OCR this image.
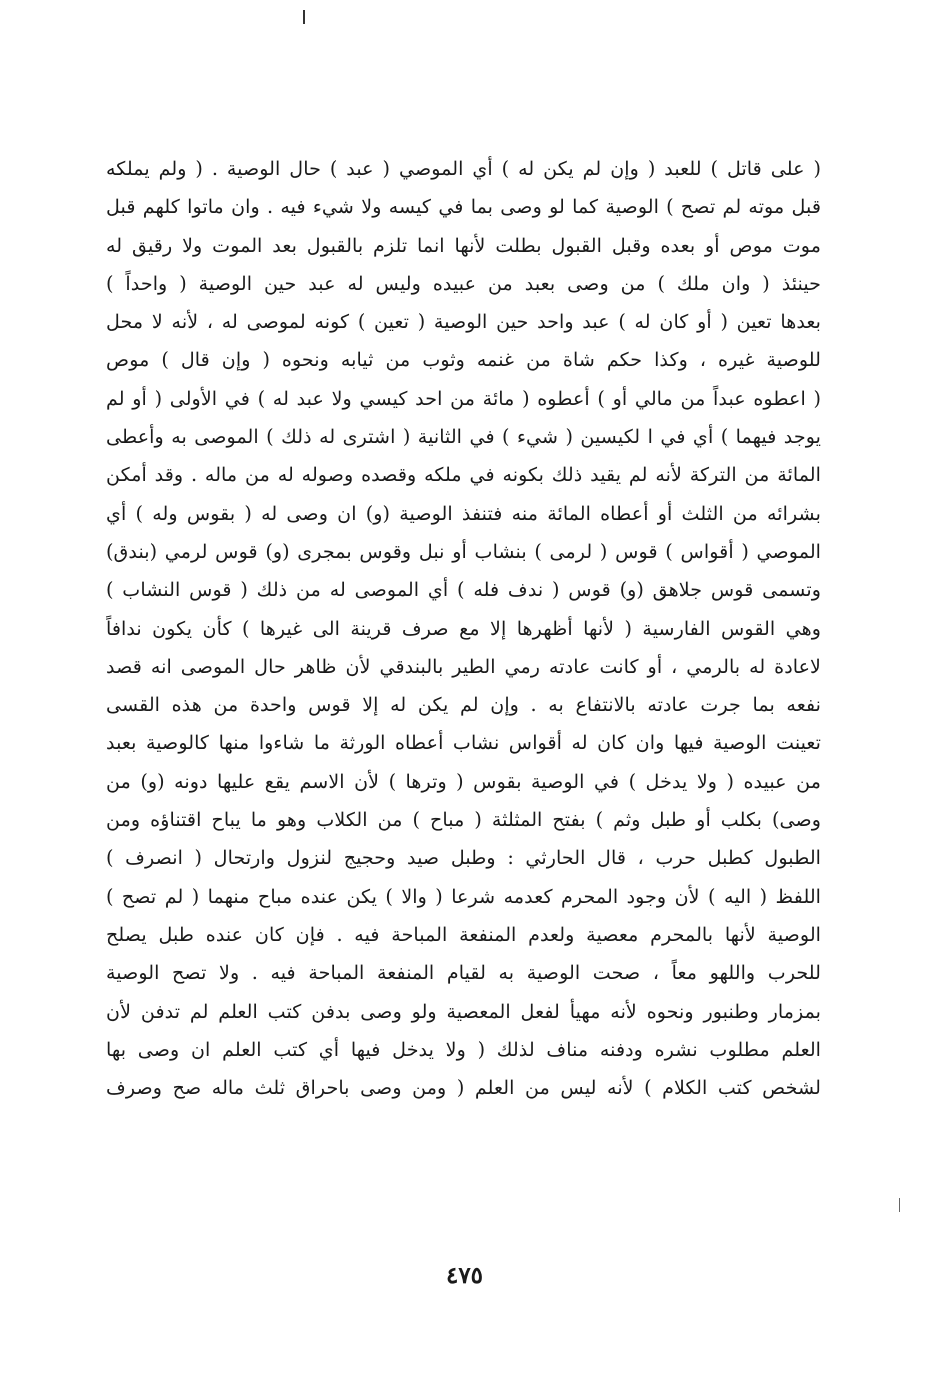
( على قاتل ) للعبد ( وإن لم يكن له ) أي الموصي ( عبد ) حال الوصية . ( ولم يملكه
قبل موته لم تصح ) الوصية كما لو وصى بما في كيسه ولا شيء فيه . وان ماتوا كلهم قبل
موت موص أو بعده وقبل القبول بطلت لأنها انما تلزم بالقبول بعد الموت ولا رقيق له
حينئذ ( وان ملك ) من وصى بعبد من عبيده وليس له عبد حين الوصية ( واحداً )
بعدها تعين ( أو كان له ) عبد واحد حين الوصية ( تعين ) كونه لموصى له ، لأنه لا محل
للوصية غيره ، وكذا حكم شاة من غنمه وثوب من ثيابه ونحوه ( وإن قال ) موص
( اعطوه عبداً من مالي أو ) أعطوه ( مائة من احد كيسي ولا عبد له ) في الأولى ( أو لم
يوجد فيهما ) أي في ا لكيسين ( شيء ) في الثانية ( اشترى له ذلك ) الموصى به وأعطى
المائة من التركة لأنه لم يقيد ذلك بكونه في ملكه وقصده وصوله له من ماله . وقد أمكن
بشرائه من الثلث أو أعطاه المائة منه فتنفذ الوصية (و) ان وصى له ( بقوس وله ) أي
الموصي ( أقواس ) قوس ( لرمى ) بنشاب أو نبل وقوس بمجرى (و) قوس لرمي (بندق)
وتسمى قوس جلاهق (و) قوس ( ندف فله ) أي الموصى له من ذلك ( قوس النشاب )
وهي القوس الفارسية ( لأنها أظهرها إلا مع صرف قرينة الى غيرها ) كأن يكون ندافاً
لاعادة له بالرمي ، أو كانت عادته رمي الطير بالبندقي لأن ظاهر حال الموصى انه قصد
نفعه بما جرت عادته بالانتفاع به . وإن لم يكن له إلا قوس واحدة من هذه القسى
تعينت الوصية فيها وان كان له أقواس نشاب أعطاه الورثة ما شاءوا منها كالوصية بعبد
من عبيده ( ولا يدخل ) في الوصية بقوس ( وترها ) لأن الاسم يقع عليها دونه (و) من
وصى) بكلب أو طبل وثم ) بفتح المثلثة ( مباح ) من الكلاب وهو ما يباح اقتناؤه ومن
الطبول كطبل حرب ، قال الحارثي : وطبل صيد وحجيج لنزول وارتحال ( انصرف )
اللفظ ( اليه ) لأن وجود المحرم كعدمه شرعا ( والا ) يكن عنده مباح منهما ( لم تصح )
الوصية لأنها بالمحرم معصية ولعدم المنفعة المباحة فيه . فإن كان عنده طبل يصلح
للحرب واللهو معاً ، صحت الوصية به لقيام المنفعة المباحة فيه . ولا تصح الوصية
بمزمار وطنبور ونحوه لأنه مهيأ لفعل المعصية ولو وصى بدفن كتب العلم لم تدفن لأن
العلم مطلوب نشره ودفنه مناف لذلك ( ولا يدخل فيها أي كتب العلم ان وصى بها
لشخص كتب الكلام ) لأنه ليس من العلم ( ومن وصى باحراق ثلث ماله صح وصرف
٤٧٥
